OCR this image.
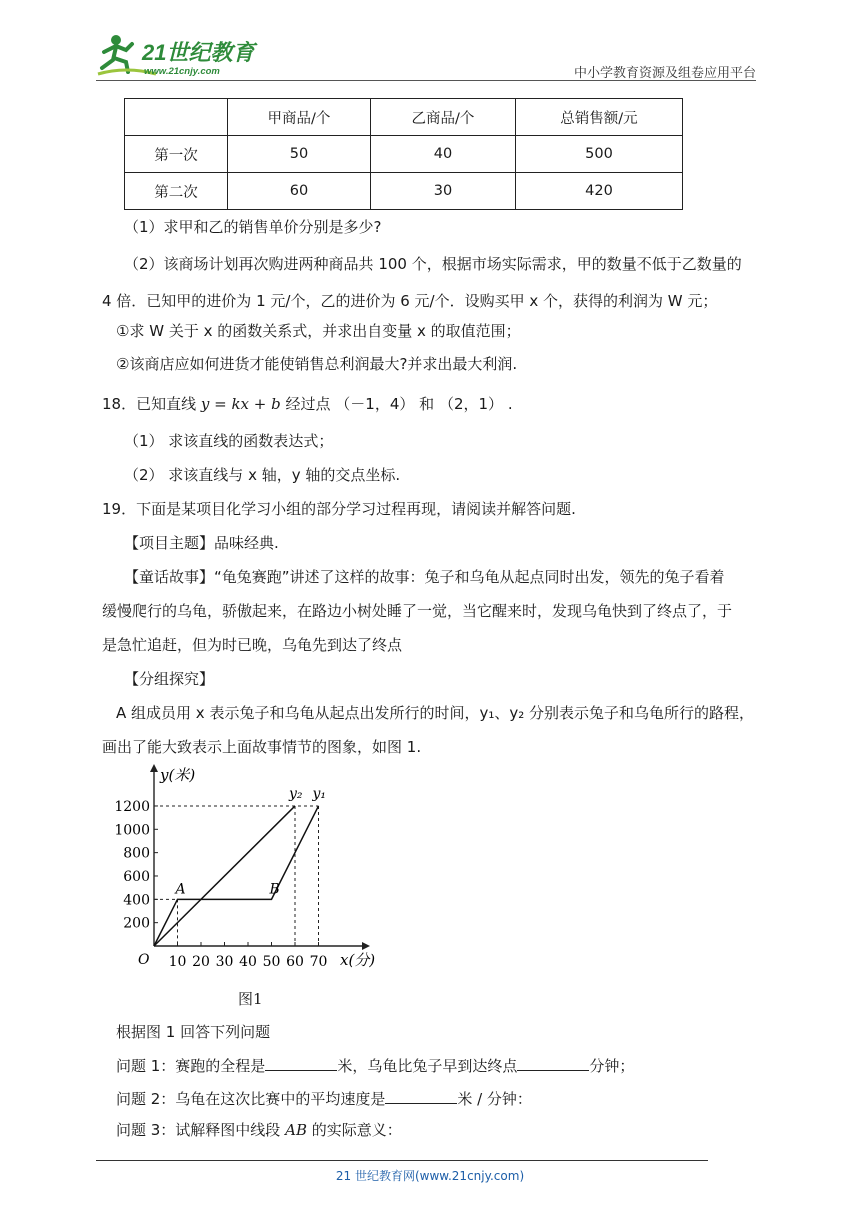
21世纪教育
www.21cnjy.com	中小学教育资源及组卷应用平台
	甲商品/个	乙商品/个	总销售额/元
第一次	50	40	500
第二次	60	30	420
（1）求甲和乙的销售单价分别是多少?
（2）该商场计划再次购进两种商品共 100 个，根据市场实际需求，甲的数量不低于乙数量的
4 倍．已知甲的进价为 1 元/个，乙的进价为 6 元/个．设购买甲 x 个，获得的利润为 W 元；
①求 W 关于 x 的函数关系式，并求出自变量 x 的取值范围；
②该商店应如何进货才能使销售总利润最大?并求出最大利润.
18．已知直线 y = kx + b 经过点 （－1，4） 和 （2，1） .
（1） 求该直线的函数表达式；
（2） 求该直线与 x 轴，y 轴的交点坐标.
19．下面是某项目化学习小组的部分学习过程再现，请阅读并解答问题.
【项目主题】品味经典.
【童话故事】“龟兔赛跑”讲述了这样的故事：兔子和乌龟从起点同时出发，领先的兔子看着
缓慢爬行的乌龟，骄傲起来，在路边小树处睡了一觉，当它醒来时，发现乌龟快到了终点了，于
是急忙追赶，但为时已晚，乌龟先到达了终点
【分组探究】
A 组成员用 x 表示兔子和乌龟从起点出发所行的时间，y₁、y₂ 分别表示兔子和乌龟所行的路程，
画出了能大致表示上面故事情节的图象，如图 1.
y(米)
x(分)
O 10 20 30 40 50 60 70
200
400
600
800
1000
1200
y₁
y₂
A	B
图1
根据图 1 回答下列问题
问题 1：赛跑的全程是	米，乌龟比兔子早到达终点	分钟；
问题 2：乌龟在这次比赛中的平均速度是	米 / 分钟：
问题 3：试解释图中线段 AB 的实际意义：
21 世纪教育网(www.21cnjy.com)
